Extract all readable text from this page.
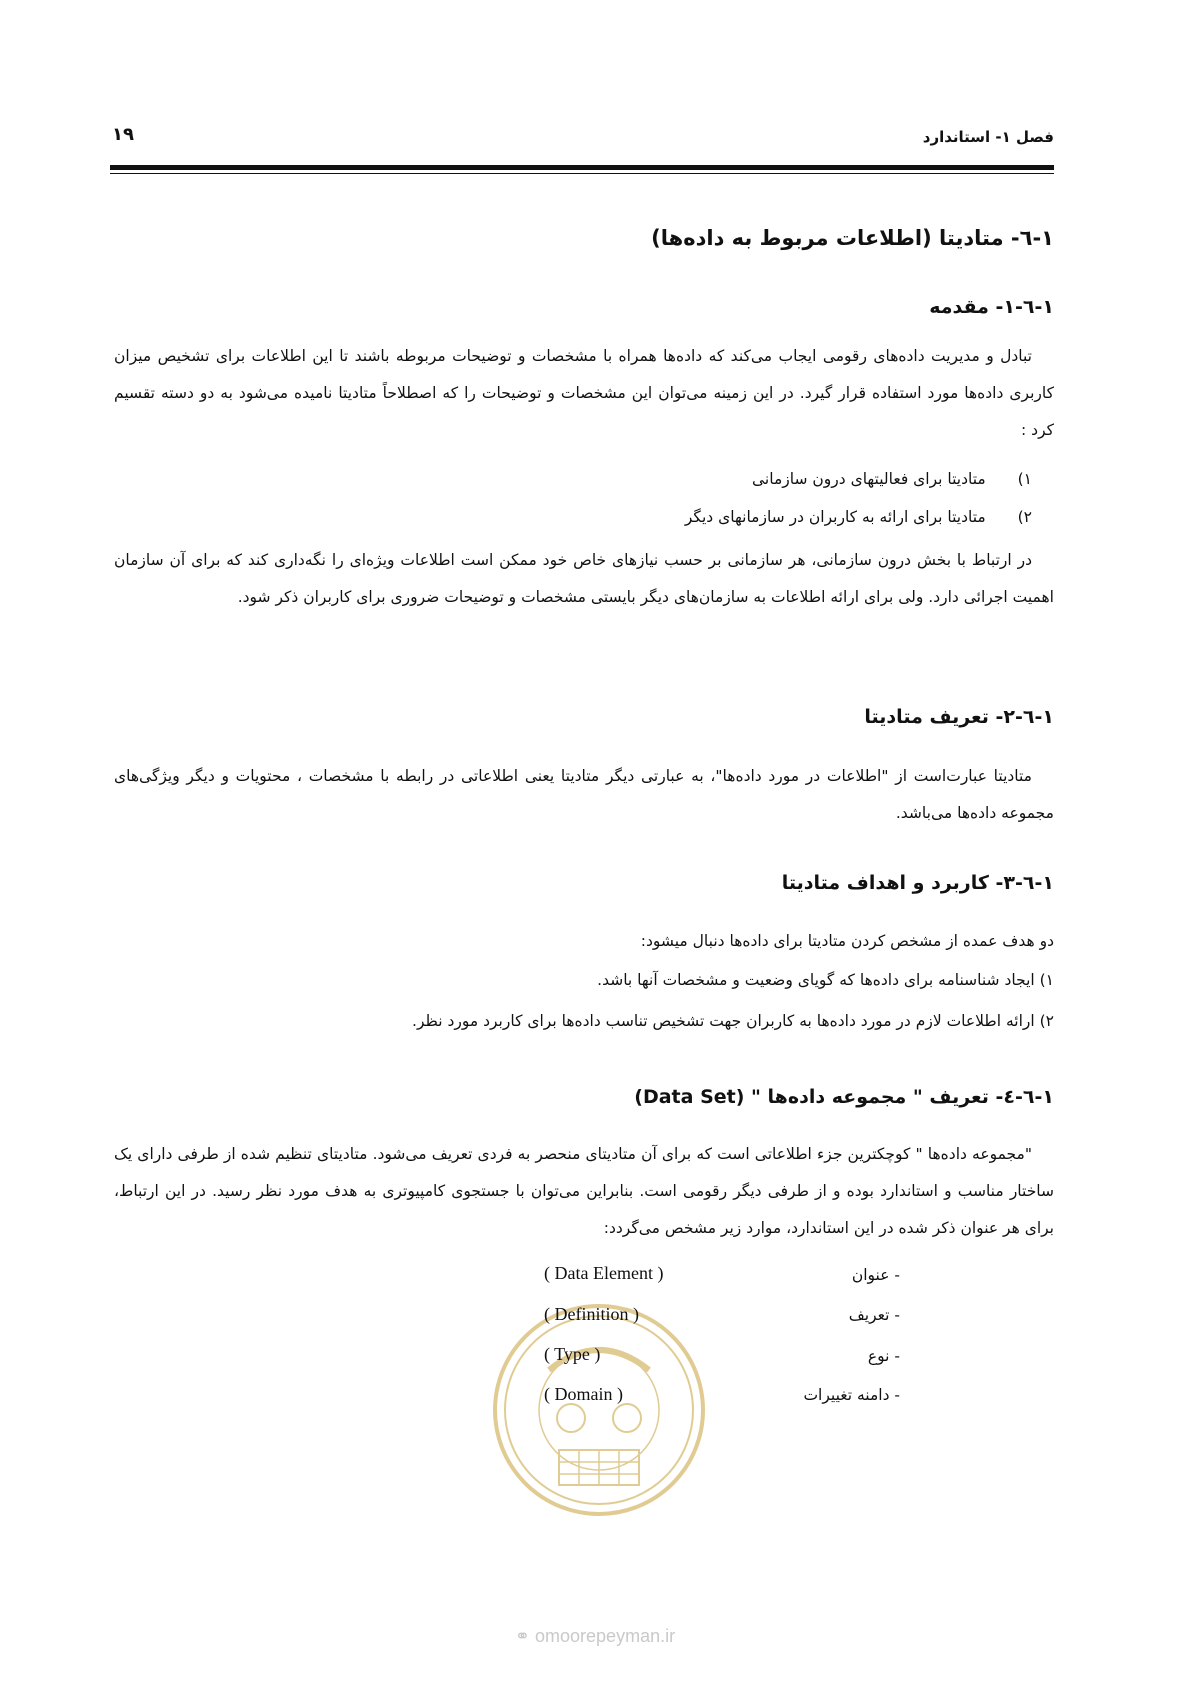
فصل ۱- استاندارد
۱۹
۱-٦- متادیتا (اطلاعات مربوط به داده‌ها)
۱-٦-۱- مقدمه
تبادل و مدیریت داده‌های رقومی ایجاب می‌کند که داده‌ها همراه با مشخصات و توضیحات مربوطه باشند تا این اطلاعات برای تشخیص میزان کاربری داده‌ها مورد استفاده قرار گیرد. در این زمینه می‌توان این مشخصات و توضیحات را که اصطلاحاً متادیتا نامیده می‌شود به دو دسته تقسیم کرد :
۱)  متادیتا برای فعالیتهای درون سازمانی
۲)  متادیتا برای ارائه به کاربران در سازمانهای دیگر
در ارتباط با بخش درون سازمانی، هر سازمانی بر حسب نیازهای خاص خود ممکن است اطلاعات ویژه‌ای را نگه‌داری کند که برای آن سازمان اهمیت اجرائی دارد. ولی برای ارائه اطلاعات به سازمان‌های دیگر بایستی مشخصات و توضیحات ضروری برای کاربران ذکر شود.
۱-٦-۲- تعریف متادیتا
متادیتا عبارت‌است از "اطلاعات در مورد داده‌ها"، به عبارتی دیگر متادیتا یعنی اطلاعاتی در رابطه با مشخصات ، محتویات و دیگر ویژگی‌های مجموعه داده‌ها می‌باشد.
۱-٦-۳- کاربرد و اهداف متادیتا
دو هدف عمده از مشخص کردن متادیتا برای داده‌ها دنبال میشود:
۱) ایجاد شناسنامه برای داده‌ها که گویای وضعیت و مشخصات آنها باشد.
۲) ارائه اطلاعات لازم در مورد داده‌ها به کاربران جهت تشخیص تناسب داده‌ها برای کاربرد مورد نظر.
۱-٦-٤- تعریف " مجموعه داده‌ها " (Data Set)
"مجموعه داده‌ها " کوچکترین جزء اطلاعاتی است که برای آن متادیتای منحصر به فردی تعریف می‌شود. متادیتای تنظیم شده از طرفی دارای یک ساختار مناسب و استاندارد بوده و از طرفی دیگر رقومی است. بنابراین می‌توان با جستجوی کامپیوتری به هدف مورد نظر رسید. در این ارتباط، برای هر عنوان ذکر شده در این استاندارد، موارد زیر مشخص می‌گردد:
- عنوان
( Data Element )
- تعریف
( Definition )
- نوع
( Type )
- دامنه تغییرات
( Domain )
⚭ omoorepeyman.ir
